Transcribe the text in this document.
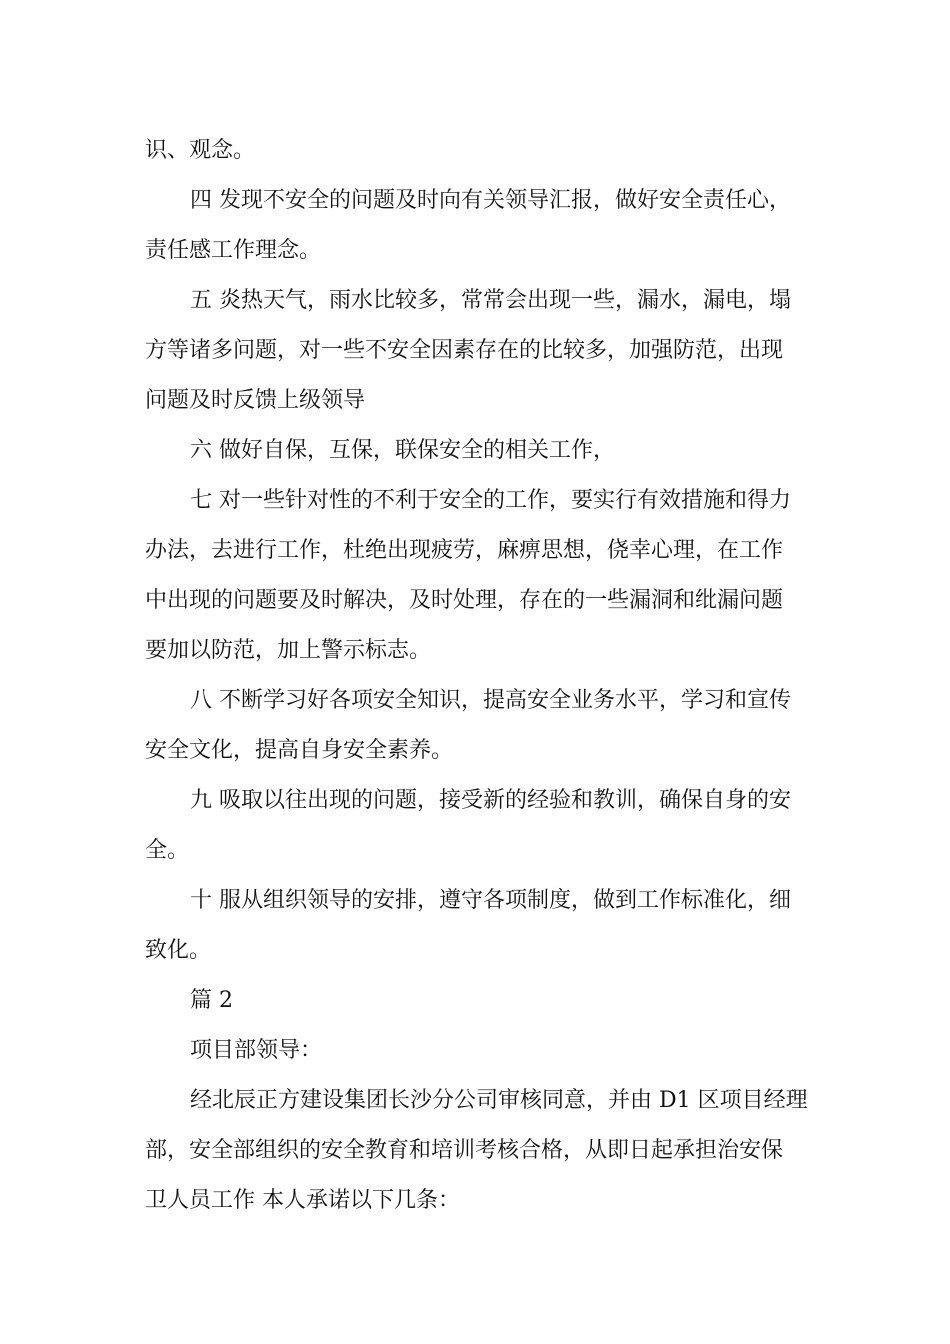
识、观念。
四 发现不安全的问题及时向有关领导汇报，做好安全责任心，
责任感工作理念。
五 炎热天气，雨水比较多，常常会出现一些，漏水，漏电，塌
方等诸多问题，对一些不安全因素存在的比较多，加强防范，出现
问题及时反馈上级领导
六 做好自保，互保，联保安全的相关工作，
七 对一些针对性的不利于安全的工作，要实行有效措施和得力
办法，去进行工作，杜绝出现疲劳，麻痹思想，侥幸心理，在工作
中出现的问题要及时解决，及时处理，存在的一些漏洞和纰漏问题
要加以防范，加上警示标志。
八 不断学习好各项安全知识，提高安全业务水平，学习和宣传
安全文化，提高自身安全素养。
九 吸取以往出现的问题，接受新的经验和教训，确保自身的安
全。
十 服从组织领导的安排，遵守各项制度，做到工作标准化，细
致化。
篇 2
项目部领导：
经北辰正方建设集团长沙分公司审核同意，并由 D1 区项目经理
部，安全部组织的安全教育和培训考核合格，从即日起承担治安保
卫人员工作 本人承诺以下几条：
